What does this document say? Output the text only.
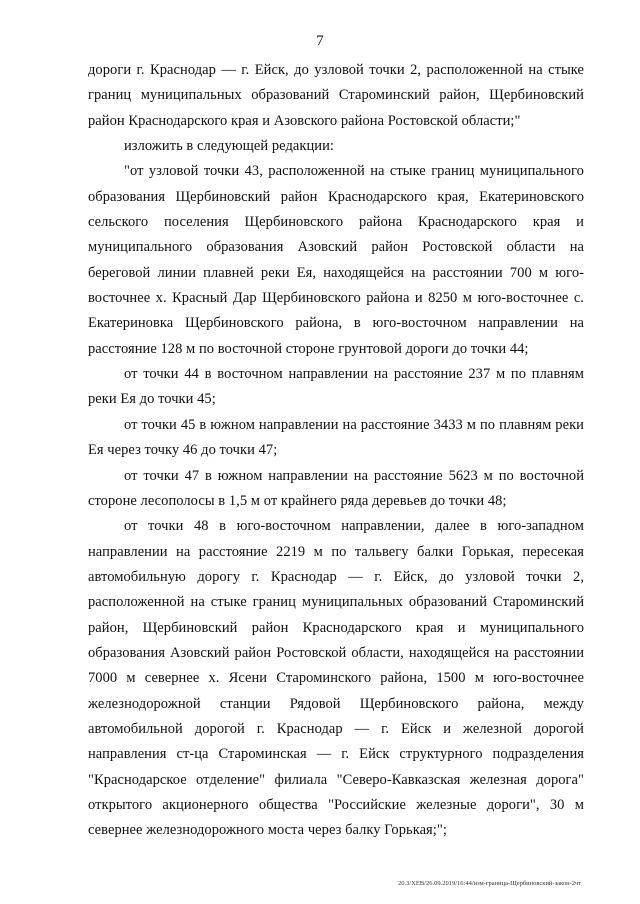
7

дороги г. Краснодар — г. Ейск, до узловой точки 2, расположенной на стыке границ муниципальных образований Староминский район, Щербиновский район Краснодарского края и Азовского района Ростовской области;"

изложить в следующей редакции:

"от узловой точки 43, расположенной на стыке границ муниципального образования Щербиновский район Краснодарского края, Екатериновского сельского поселения Щербиновского района Краснодарского края и муниципального образования Азовский район Ростовской области на береговой линии плавней реки Ея, находящейся на расстоянии 700 м юго-восточнее х. Красный Дар Щербиновского района и 8250 м юго-восточнее с. Екатериновка Щербиновского района, в юго-восточном направлении на расстояние 128 м по восточной стороне грунтовой дороги до точки 44;

от точки 44 в восточном направлении на расстояние 237 м по плавням реки Ея до точки 45;

от точки 45 в южном направлении на расстояние 3433 м по плавням реки Ея через точку 46 до точки 47;

от точки 47 в южном направлении на расстояние 5623 м по восточной стороне лесополосы в 1,5 м от крайнего ряда деревьев до точки 48;

от точки 48 в юго-восточном направлении, далее в юго-западном направлении на расстояние 2219 м по тальвегу балки Горькая, пересекая автомобильную дорогу г. Краснодар — г. Ейск, до узловой точки 2, расположенной на стыке границ муниципальных образований Староминский район, Щербиновский район Краснодарского края и муниципального образования Азовский район Ростовской области, находящейся на расстоянии 7000 м севернее х. Ясени Староминского района, 1500 м юго-восточнее железнодорожной станции Рядовой Щербиновского района, между автомобильной дорогой г. Краснодар — г. Ейск и железной дорогой направления ст-ца Староминская — г. Ейск структурного подразделения "Краснодарское отделение" филиала "Северо-Кавказская железная дорога" открытого акционерного общества "Российские железные дороги", 30 м севернее железнодорожного моста через балку Горькая;";

20.3/ХЕВ/26.09.2019/16:44/изм-граница-Щербиновский-закон-2чт
